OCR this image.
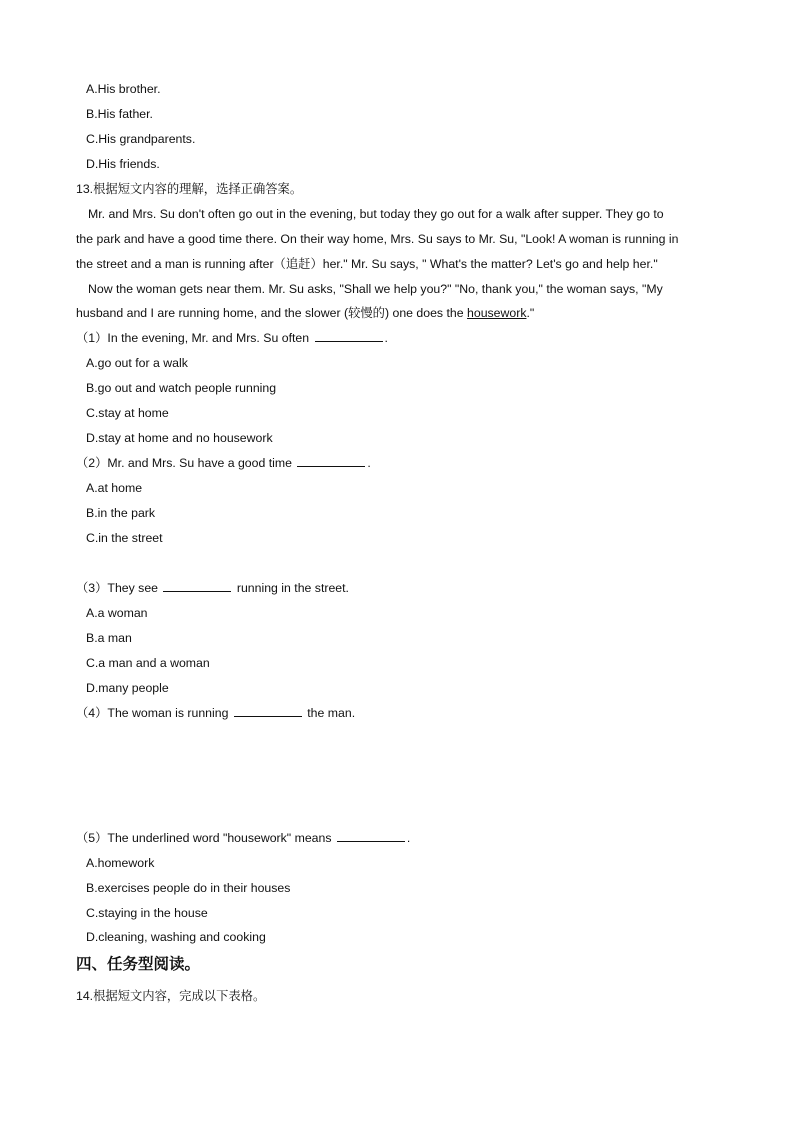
A.His brother.
B.His father.
C.His grandparents.
D.His friends.
13.根据短文内容的理解，选择正确答案。
Mr. and Mrs. Su don't often go out in the evening, but today they go out for a walk after supper. They go to
the park and have a good time there. On their way home, Mrs. Su says to Mr. Su, "Look! A woman is running in
the street and a man is running after（追赶）her." Mr. Su says, " What's the matter? Let's go and help her."
Now the woman gets near them. Mr. Su asks, "Shall we help you?" "No, thank you," the woman says, "My
husband and I are running home, and the slower (较慢的) one does the housework."
（1）In the evening, Mr. and Mrs. Su often	.
A.go out for a walk
B.go out and watch people running
C.stay at home
D.stay at home and no housework
（2）Mr. and Mrs. Su have a good time	.
A.at home
B.in the park
C.in the street
（3）They see	running in the street.
A.a woman
B.a man
C.a man and a woman
D.many people
（4）The woman is running	the man.
（5）The underlined word "housework" means	.
A.homework
B.exercises people do in their houses
C.staying in the house
D.cleaning, washing and cooking
四、任务型阅读。
14.根据短文内容，完成以下表格。
